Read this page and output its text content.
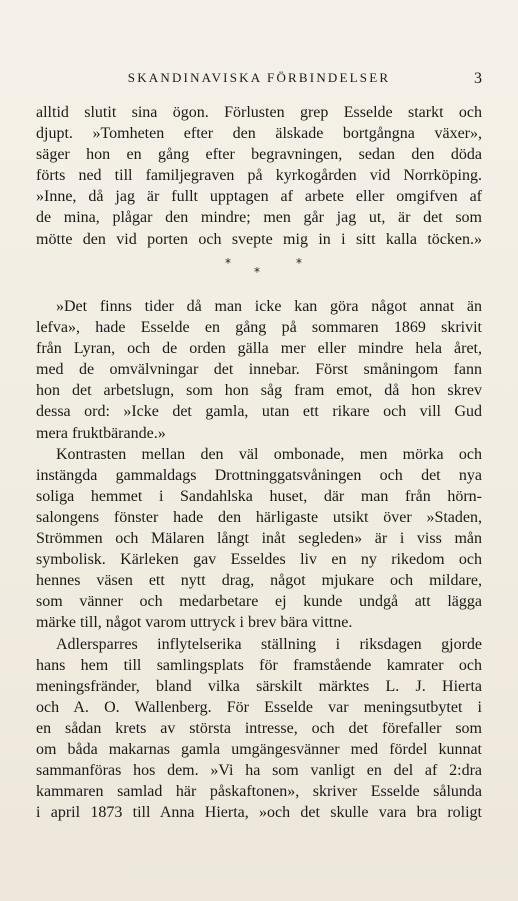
SKANDINAVISKA FÖRBINDELSER	3
alltid slutit sina ögon. Förlusten grep Esselde starkt och
djupt. »Tomheten efter den älskade bortgångna växer»,
säger hon en gång efter begravningen, sedan den döda
förts ned till familjegraven på kyrkogården vid Norrköping.
»Inne, då jag är fullt upptagen af arbete eller omgifven af
de mina, plågar den mindre; men går jag ut, är det som
mötte den vid porten och svepte mig in i sitt kalla töcken.»
*
*
*
»Det finns tider då man icke kan göra något annat än
lefva», hade Esselde en gång på sommaren 1869 skrivit
från Lyran, och de orden gälla mer eller mindre hela året,
med de omvälvningar det innebar. Först småningom fann
hon det arbetslugn, som hon såg fram emot, då hon skrev
dessa ord: »Icke det gamla, utan ett rikare och vill Gud
mera fruktbärande.»
Kontrasten mellan den väl ombonade, men mörka och
instängda gammaldags Drottninggatsvåningen och det nya
soliga hemmet i Sandahlska huset, där man från hörn-
salongens fönster hade den härligaste utsikt över »Staden,
Strömmen och Mälaren långt inåt segleden» är i viss mån
symbolisk. Kärleken gav Esseldes liv en ny rikedom och
hennes väsen ett nytt drag, något mjukare och mildare,
som vänner och medarbetare ej kunde undgå att lägga
märke till, något varom uttryck i brev bära vittne.
Adlersparres inflytelserika ställning i riksdagen gjorde
hans hem till samlingsplats för framstående kamrater och
meningsfränder, bland vilka särskilt märktes L. J. Hierta
och A. O. Wallenberg. För Esselde var meningsutbytet i
en sådan krets av största intresse, och det förefaller som
om båda makarnas gamla umgängesvänner med fördel kunnat
sammanföras hos dem. »Vi ha som vanligt en del af 2:dra
kammaren samlad här påskaftonen», skriver Esselde sålunda
i april 1873 till Anna Hierta, »och det skulle vara bra roligt
